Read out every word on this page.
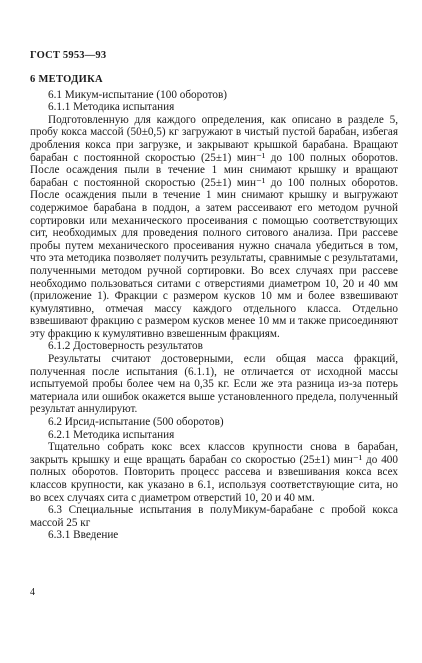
ГОСТ 5953—93

6 МЕТОДИКА

6.1 Микум-испытание (100 оборотов)

6.1.1 Методика испытания

Подготовленную для каждого определения, как описано в разделе 5, пробу кокса массой (50±0,5) кг загружают в чистый пустой барабан, избегая дробления кокса при загрузке, и закрывают крышкой барабана. Вращают барабан с постоянной скоростью (25±1) мин⁻¹ до 100 полных оборотов. После осаждения пыли в течение 1 мин снимают крышку и вращают барабан с постоянной скоростью (25±1) мин⁻¹ до 100 полных оборотов. После осаждения пыли в течение 1 мин снимают крышку и выгружают содержимое барабана в поддон, а затем рассеивают его методом ручной сортировки или механического просеивания с помощью соответствующих сит, необходимых для проведения полного ситового анализа. При рассеве пробы путем механического просеивания нужно сначала убедиться в том, что эта методика позволяет получить результаты, сравнимые с результатами, полученными методом ручной сортировки. Во всех случаях при рассеве необходимо пользоваться ситами с отверстиями диаметром 10, 20 и 40 мм (приложение 1). Фракции с размером кусков 10 мм и более взвешивают кумулятивно, отмечая массу каждого отдельного класса. Отдельно взвешивают фракцию с размером кусков менее 10 мм и также присоединяют эту фракцию к кумулятивно взвешенным фракциям.

6.1.2 Достоверность результатов

Результаты считают достоверными, если общая масса фракций, полученная после испытания (6.1.1), не отличается от исходной массы испытуемой пробы более чем на 0,35 кг. Если же эта разница из-за потерь материала или ошибок окажется выше установленного предела, полученный результат аннулируют.

6.2 Ирсид-испытание (500 оборотов)

6.2.1 Методика испытания

Тщательно собрать кокс всех классов крупности снова в барабан, закрыть крышку и еще вращать барабан со скоростью (25±1) мин⁻¹ до 400 полных оборотов. Повторить процесс рассева и взвешивания кокса всех классов крупности, как указано в 6.1, используя соответствующие сита, но во всех случаях сита с диаметром отверстий 10, 20 и 40 мм.

6.3 Специальные испытания в полуМикум-барабане с пробой кокса массой 25 кг

6.3.1 Введение

4
